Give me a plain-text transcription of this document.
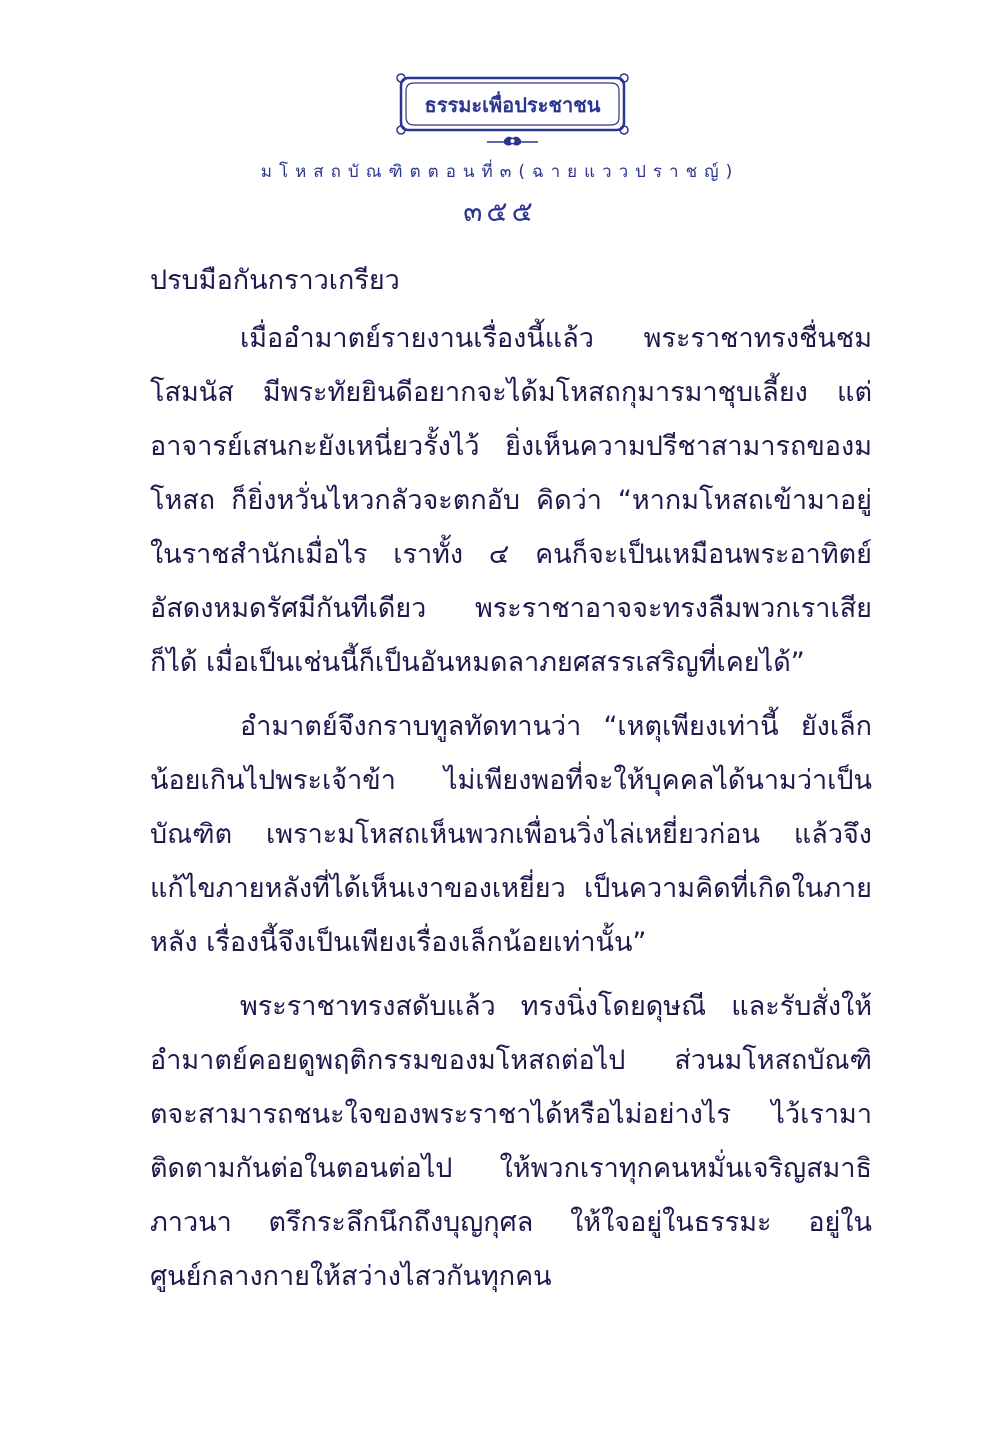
ธรรมะเพื่อประชาชน
มโหสถบัณฑิตตอนที่๓(ฉายแววปราชญ์)
๓๕๕

ปรบมือกันกราวเกรียว

เมื่ออำมาตย์รายงานเรื่องนี้แล้ว พระราชาทรงชื่นชมโสมนัส มีพระทัยยินดีอยากจะได้มโหสถกุมารมาชุบเลี้ยง แต่อาจารย์เสนกะยังเหนี่ยวรั้งไว้ ยิ่งเห็นความปรีชาสามารถของมโหสถ ก็ยิ่งหวั่นไหวกลัวจะตกอับ คิดว่า “หากมโหสถเข้ามาอยู่ในราชสำนักเมื่อไร เราทั้ง ๔ คนก็จะเป็นเหมือนพระอาทิตย์อัสดงหมดรัศมีกันทีเดียว พระราชาอาจจะทรงลืมพวกเราเสียก็ได้ เมื่อเป็นเช่นนี้ก็เป็นอันหมดลาภยศสรรเสริญที่เคยได้”

อำมาตย์จึงกราบทูลทัดทานว่า “เหตุเพียงเท่านี้ ยังเล็กน้อยเกินไปพระเจ้าข้า ไม่เพียงพอที่จะให้บุคคลได้นามว่าเป็นบัณฑิต เพราะมโหสถเห็นพวกเพื่อนวิ่งไล่เหยี่ยวก่อน แล้วจึงแก้ไขภายหลังที่ได้เห็นเงาของเหยี่ยว เป็นความคิดที่เกิดในภายหลัง เรื่องนี้จึงเป็นเพียงเรื่องเล็กน้อยเท่านั้น”

พระราชาทรงสดับแล้ว ทรงนิ่งโดยดุษณี และรับสั่งให้อำมาตย์คอยดูพฤติกรรมของมโหสถต่อไป ส่วนมโหสถบัณฑิตจะสามารถชนะใจของพระราชาได้หรือไม่อย่างไร ไว้เรามาติดตามกันต่อในตอนต่อไป ให้พวกเราทุกคนหมั่นเจริญสมาธิภาวนา ตรึกระลึกนึกถึงบุญกุศล ให้ใจอยู่ในธรรมะ อยู่ในศูนย์กลางกายให้สว่างไสวกันทุกคน
